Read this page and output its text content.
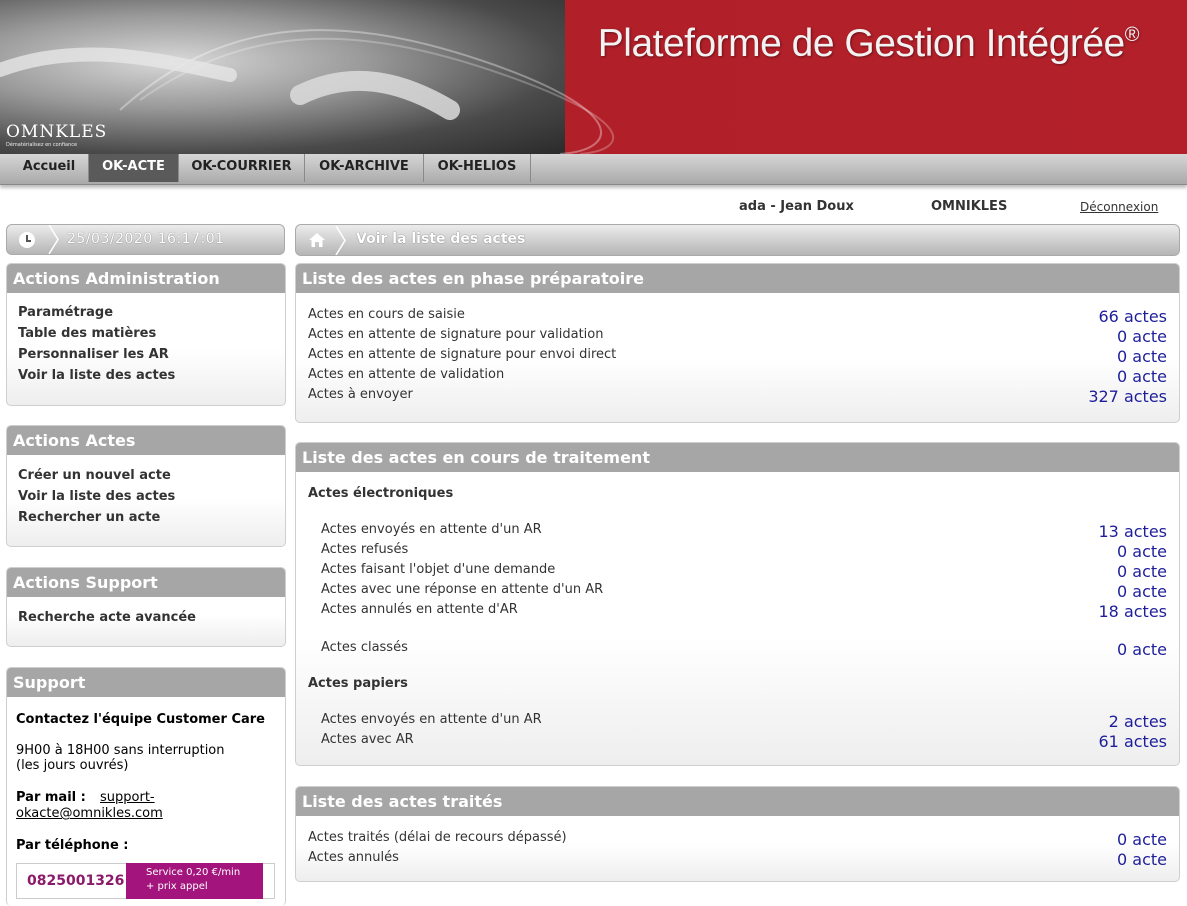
Plateforme de Gestion Intégrée®
OMNKLES
Dématérialisez en confiance
Accueil	OK-ACTE	OK-COURRIER	OK-ARCHIVE	OK-HELIOS
ada - Jean Doux	OMNIKLES	Déconnexion
25/03/2020 16:17:01	Voir la liste des actes
Actions Administration
Paramétrage
Table des matières
Personnaliser les AR
Voir la liste des actes
Actions Actes
Créer un nouvel acte
Voir la liste des actes
Rechercher un acte
Actions Support
Recherche acte avancée
Support
Contactez l'équipe Customer Care
9H00 à 18H00 sans interruption
(les jours ouvrés)
Par mail : support-
okacte@omnikles.com
Par téléphone :
0825001326
Service 0,20 €/min
+ prix appel
Liste des actes en phase préparatoire
Actes en cours de saisie	66 actes
Actes en attente de signature pour validation	0 acte
Actes en attente de signature pour envoi direct	0 acte
Actes en attente de validation	0 acte
Actes à envoyer	327 actes
Liste des actes en cours de traitement
Actes électroniques
Actes envoyés en attente d'un AR	13 actes
Actes refusés	0 acte
Actes faisant l'objet d'une demande	0 acte
Actes avec une réponse en attente d'un AR	0 acte
Actes annulés en attente d'AR	18 actes
Actes classés	0 acte
Actes papiers
Actes envoyés en attente d'un AR	2 actes
Actes avec AR	61 actes
Liste des actes traités
Actes traités (délai de recours dépassé)	0 acte
Actes annulés	0 acte
